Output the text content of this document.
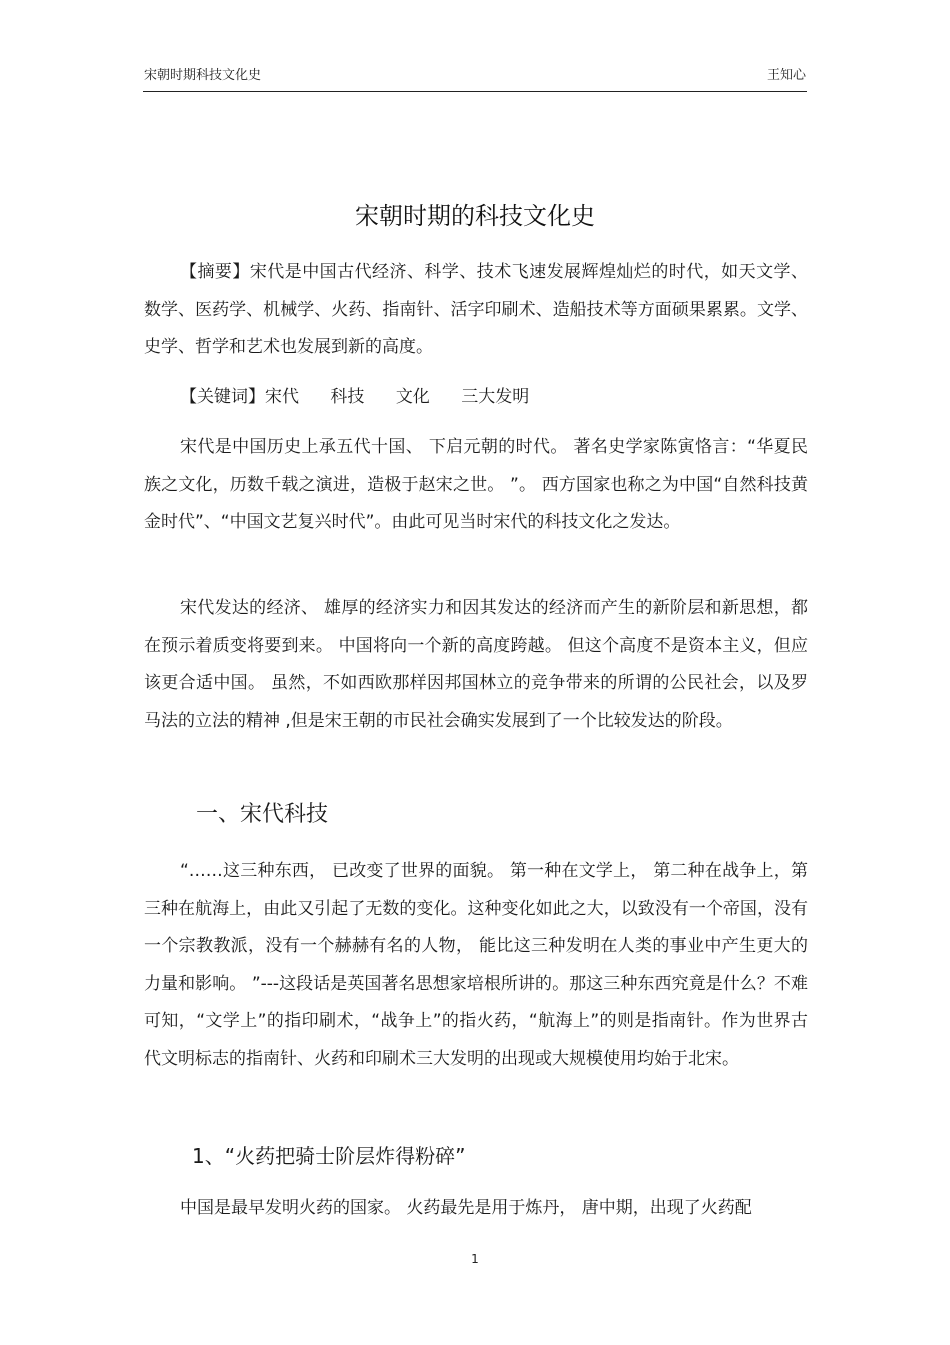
宋朝时期科技文化史	王知心
宋朝时期的科技文化史

【摘要】宋代是中国古代经济、科学、技术飞速发展辉煌灿烂的时代，如天文学、数学、医药学、机械学、火药、指南针、活字印刷术、造船技术等方面硕果累累。文学、史学、哲学和艺术也发展到新的高度。

【关键词】宋代 科技 文化 三大发明

宋代是中国历史上承五代十国、 下启元朝的时代。 著名史学家陈寅恪言：“华夏民族之文化，历数千载之演进，造极于赵宋之世。 ”。 西方国家也称之为中国“自然科技黄金时代”、“中国文艺复兴时代”。由此可见当时宋代的科技文化之发达。

宋代发达的经济、 雄厚的经济实力和因其发达的经济而产生的新阶层和新思想，都在预示着质变将要到来。 中国将向一个新的高度跨越。 但这个高度不是资本主义，但应该更合适中国。 虽然，不如西欧那样因邦国林立的竞争带来的所谓的公民社会，以及罗马法的立法的精神 ,但是宋王朝的市民社会确实发展到了一个比较发达的阶段。

一、宋代科技

“……这三种东西， 已改变了世界的面貌。 第一种在文学上， 第二种在战争上，第三种在航海上，由此又引起了无数的变化。这种变化如此之大，以致没有一个帝国，没有一个宗教教派，没有一个赫赫有名的人物， 能比这三种发明在人类的事业中产生更大的力量和影响。 ”---这段话是英国著名思想家培根所讲的。那这三种东西究竟是什么？不难可知，“文学上”的指印刷术，“战争上”的指火药，“航海上”的则是指南针。作为世界古代文明标志的指南针、火药和印刷术三大发明的出现或大规模使用均始于北宋。

1、“火药把骑士阶层炸得粉碎”

中国是最早发明火药的国家。 火药最先是用于炼丹， 唐中期，出现了火药配

1
